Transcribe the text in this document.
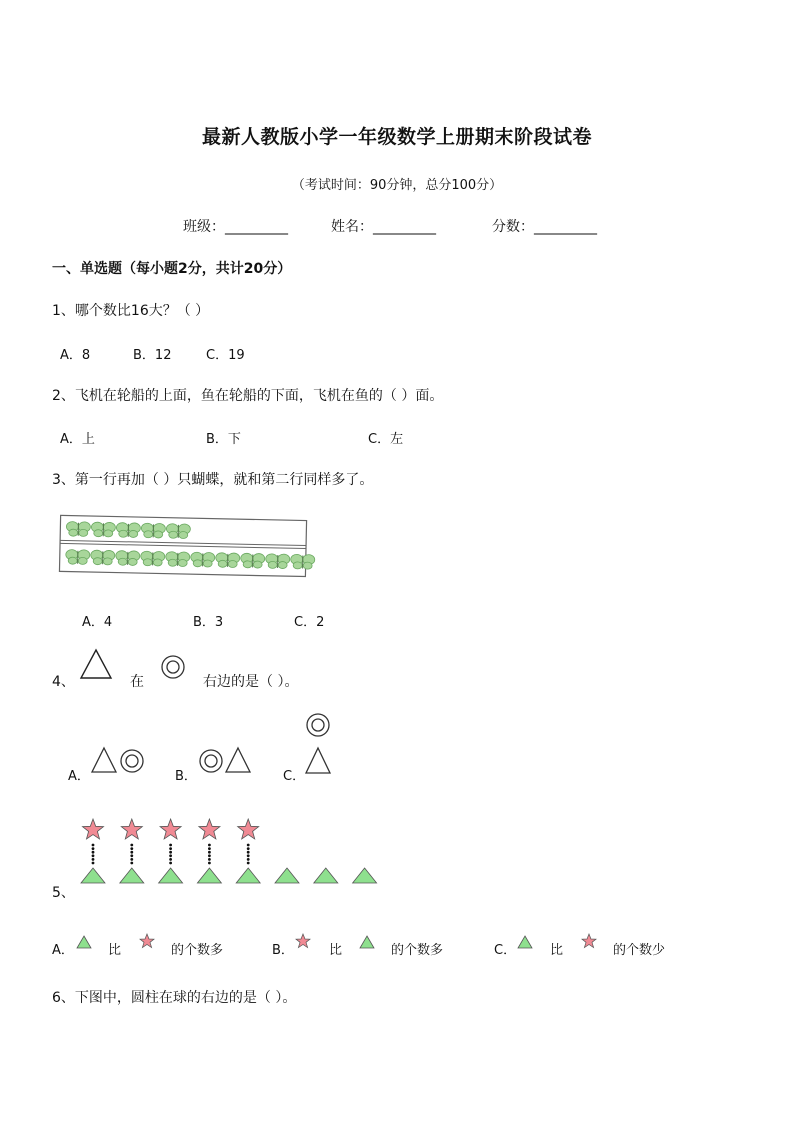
最新人教版小学一年级数学上册期末阶段试卷
（考试时间：90分钟，总分100分）
班级：_________	姓名：_________	分数：_________
一、单选题（每小题2分，共计20分）
1、哪个数比16大？（ ）
A．8	B．12	C．19
2、飞机在轮船的上面，鱼在轮船的下面，飞机在鱼的（ ）面。
A．上	B．下	C．左
3、第一行再加（ ）只蝴蝶，就和第二行同样多了。
A．4	B．3	C．2
4、	在	右边的是（ ）。
A．	B．	C．
5、
A．	比	的个数多	B．	比	的个数多	C．	比	的个数少
6、下图中，圆柱在球的右边的是（ ）。
